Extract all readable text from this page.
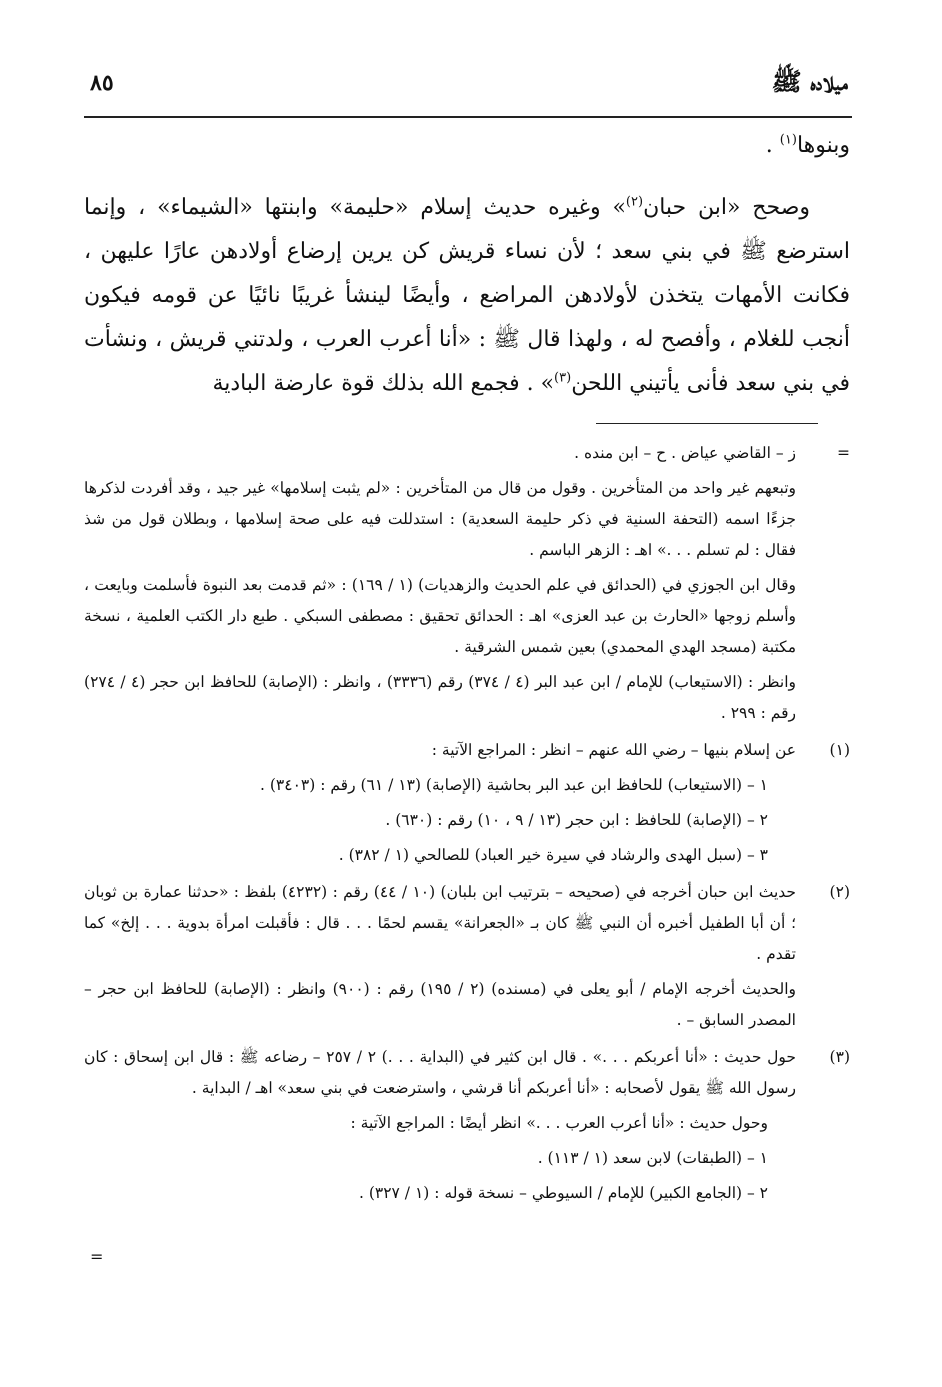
ميلاده ﷺ
٨٥

وبنوها$^{(١)}$ .

وصحح «ابن حبان$^{(٢)}$» وغيره حديث إسلام «حليمة» وابنتها «الشيماء» ، وإنما استرضع ﷺ في بني سعد ؛ لأن نساء قريش كن يرين إرضاع أولادهن عارًا عليهن ، فكانت الأمهات يتخذن لأولادهن المراضع ، وأيضًا لينشأ غريبًا نائيًا عن قومه فيكون أنجب للغلام ، وأفصح له ، ولهذا قال ﷺ : «أنا أعرب العرب ، ولدتني قريش ، ونشأت في بني سعد فأنى يأتيني اللحن$^{(٣)}$» . فجمع الله بذلك قوة عارضة البادية

=

ز – القاضي عياض . ح – ابن منده .

وتبعهم غير واحد من المتأخرين . وقول من قال من المتأخرين : «لم يثبت إسلامها» غير جيد ، وقد أفردت لذكرها جزءًا اسمه (التحفة السنية في ذكر حليمة السعدية) : استدللت فيه على صحة إسلامها ، وبطلان قول من شذ فقال : لم تسلم . . .» اهـ : الزهر الباسم .

وقال ابن الجوزي في (الحدائق في علم الحديث والزهديات) (١ / ١٦٩) : «ثم قدمت بعد النبوة فأسلمت وبايعت ، وأسلم زوجها «الحارث بن عبد العزى» اهـ : الحدائق تحقيق : مصطفى السبكي . طبع دار الكتب العلمية ، نسخة مكتبة (مسجد الهدي المحمدي) بعين شمس الشرقية .

وانظر : (الاستيعاب) للإمام / ابن عبد البر (٤ / ٣٧٤) رقم (٣٣٣٦) ، وانظر : (الإصابة) للحافظ ابن حجر (٤ / ٢٧٤) رقم : ٢٩٩ .

(١)

عن إسلام بنيها – رضي الله عنهم – انظر : المراجع الآتية :

١ – (الاستيعاب) للحافظ ابن عبد البر بحاشية (الإصابة) (١٣ / ٦١) رقم : (٣٤٠٣) .

٢ – (الإصابة) للحافظ : ابن حجر (١٣ / ٩ ، ١٠) رقم : (٦٣٠) .

٣ – (سبل الهدى والرشاد في سيرة خير العباد) للصالحي (١ / ٣٨٢) .

(٢)

حديث ابن حبان أخرجه في (صحيحه – بترتيب ابن بلبان) (١٠ / ٤٤) رقم : (٤٢٣٢) بلفظ : «حدثنا عمارة بن ثوبان ؛ أن أبا الطفيل أخبره أن النبي ﷺ كان بـ «الجعرانة» يقسم لحمًا . . . قال : فأقبلت امرأة بدوية . . . إلخ» كما تقدم .

والحديث أخرجه الإمام / أبو يعلى في (مسنده) (٢ / ١٩٥) رقم : (٩٠٠) وانظر : (الإصابة) للحافظ ابن حجر – المصدر السابق – .

(٣)

حول حديث : «أنا أعربكم . . .» . قال ابن كثير في (البداية . . .) ٢ / ٢٥٧ – رضاعه ﷺ : قال ابن إسحاق : كان رسول الله ﷺ يقول لأصحابه : «أنا أعربكم أنا قرشي ، واسترضعت في بني سعد» اهـ / البداية .

وحول حديث : «أنا أعرب العرب . . .» انظر أيضًا : المراجع الآتية :

١ – (الطبقات) لابن سعد (١ / ١١٣) .

٢ – (الجامع الكبير) للإمام / السيوطي – نسخة قوله : (١ / ٣٢٧) .

=
